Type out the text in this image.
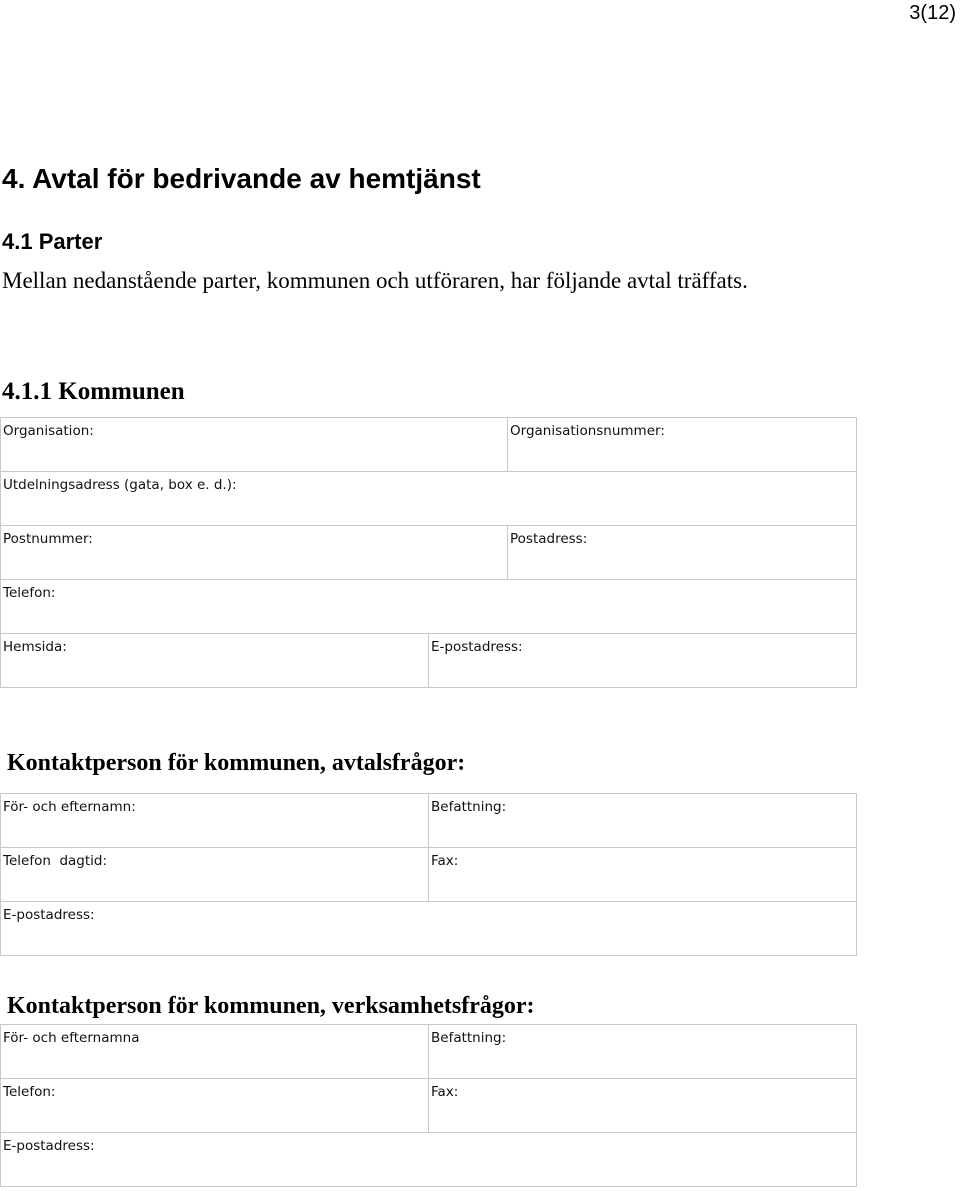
3(12)
4. Avtal för bedrivande av hemtjänst
4.1 Parter

Mellan nedanstående parter, kommunen och utföraren, har följande avtal träffats.

4.1.1 Kommunen
Organisation:		Organisationsnummer:
Utdelningsadress (gata, box e. d.):		
Postnummer:		Postadress:
Telefon:		
Hemsida:	E-postadress:	
Kontaktperson för kommunen, avtalsfrågor:
För- och efternamn:	Befattning:
Telefon  dagtid:	Fax:
E-postadress:	
Kontaktperson för kommunen, verksamhetsfrågor:
För- och efternamna	Befattning:
Telefon:	Fax:
E-postadress:	
